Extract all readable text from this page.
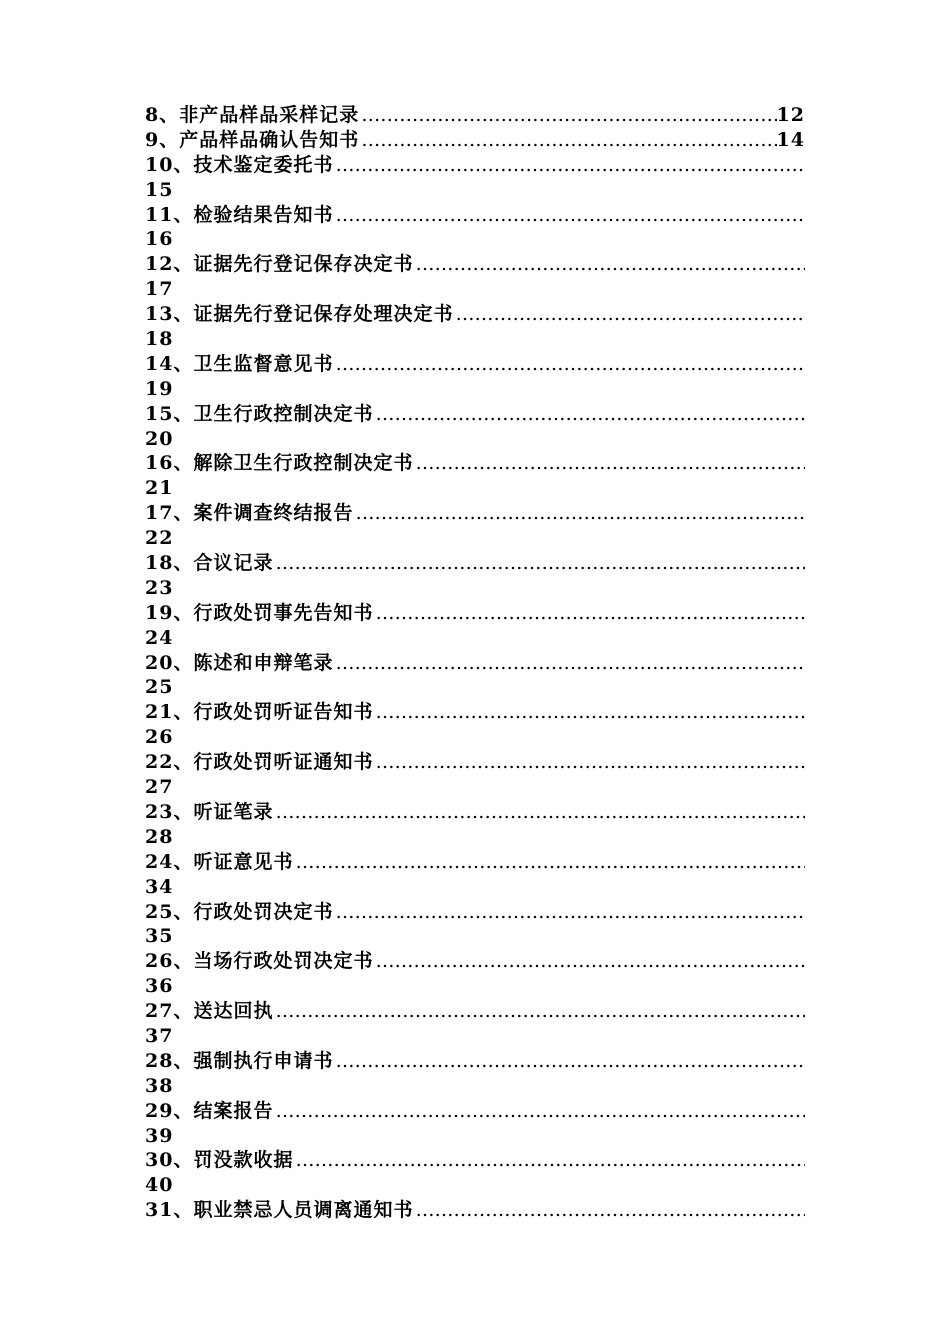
8、 非产品样品采样记录 …………………………………………………………………………………………………………………………………………………………………………	12
9、 产品样品确认告知书 …………………………………………………………………………………………………………………………………………………………………………	14
10、 技术鉴定委托书
…………………………………………………………………………………………………………………………………………………………………………
15
11、 检验结果告知书
…………………………………………………………………………………………………………………………………………………………………………
16
12、 证据先行登记保存决定书
…………………………………………………………………………………………………………………………………………………………………………
17
13、 证据先行登记保存处理决定书
…………………………………………………………………………………………………………………………………………………………………………
18
14、 卫生监督意见书
…………………………………………………………………………………………………………………………………………………………………………
19
15、 卫生行政控制决定书
…………………………………………………………………………………………………………………………………………………………………………
20
16、 解除卫生行政控制决定书
…………………………………………………………………………………………………………………………………………………………………………
21
17、 案件调查终结报告
…………………………………………………………………………………………………………………………………………………………………………
22
18、 合议记录
…………………………………………………………………………………………………………………………………………………………………………
23
19、 行政处罚事先告知书
…………………………………………………………………………………………………………………………………………………………………………
24
20、 陈述和申辩笔录
…………………………………………………………………………………………………………………………………………………………………………
25
21、 行政处罚听证告知书
…………………………………………………………………………………………………………………………………………………………………………
26
22、 行政处罚听证通知书
…………………………………………………………………………………………………………………………………………………………………………
27
23、 听证笔录
…………………………………………………………………………………………………………………………………………………………………………
28
24、 听证意见书
…………………………………………………………………………………………………………………………………………………………………………
34
25、 行政处罚决定书
…………………………………………………………………………………………………………………………………………………………………………
35
26、 当场行政处罚决定书
…………………………………………………………………………………………………………………………………………………………………………
36
27、 送达回执
…………………………………………………………………………………………………………………………………………………………………………
37
28、 强制执行申请书
…………………………………………………………………………………………………………………………………………………………………………
38
29、 结案报告
…………………………………………………………………………………………………………………………………………………………………………
39
30、 罚没款收据
…………………………………………………………………………………………………………………………………………………………………………
40
31、 职业禁忌人员调离通知书
…………………………………………………………………………………………………………………………………………………………………………
